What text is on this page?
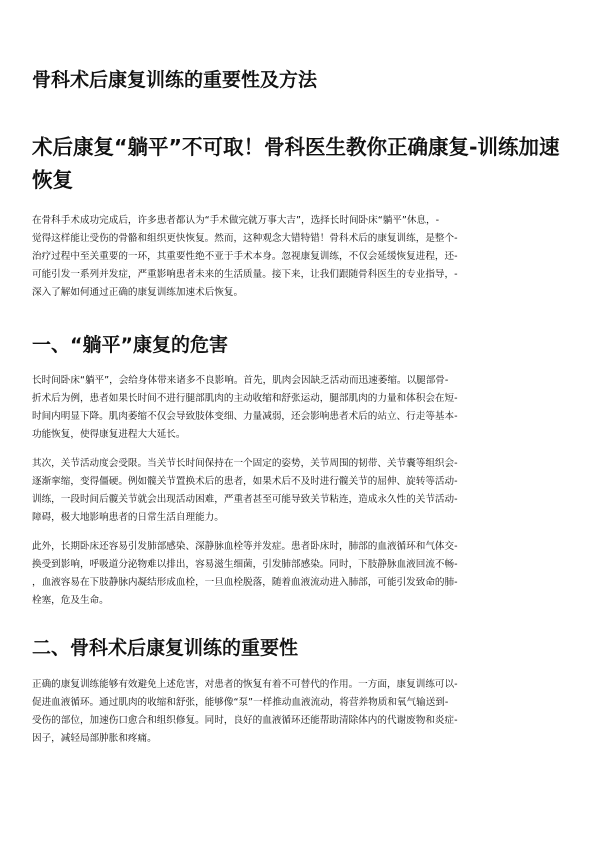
骨科术后康复训练的重要性及方法
术后康复“躺平”不可取！骨科医生教你正确康复-训练加速恢复

在骨科手术成功完成后，许多患者都认为“手术做完就万事大吉”，选择长时间卧床“躺平”休息，-
觉得这样能让受伤的骨骼和组织更快恢复。然而，这种观念大错特错！骨科术后的康复训练，是整个-
治疗过程中至关重要的一环，其重要性绝不亚于手术本身。忽视康复训练，不仅会延缓恢复进程，还-
可能引发一系列并发症，严重影响患者未来的生活质量。接下来，让我们跟随骨科医生的专业指导，-
深入了解如何通过正确的康复训练加速术后恢复。

一、“躺平”康复的危害

长时间卧床“躺平”，会给身体带来诸多不良影响。首先，肌肉会因缺乏活动而迅速萎缩。以腿部骨-
折术后为例，患者如果长时间不进行腿部肌肉的主动收缩和舒张运动，腿部肌肉的力量和体积会在短-
时间内明显下降。肌肉萎缩不仅会导致肢体变细、力量减弱，还会影响患者术后的站立、行走等基本-
功能恢复，使得康复进程大大延长。

其次，关节活动度会受限。当关节长时间保持在一个固定的姿势，关节周围的韧带、关节囊等组织会-
逐渐挛缩，变得僵硬。例如髋关节置换术后的患者，如果术后不及时进行髋关节的屈伸、旋转等活动-
训练，一段时间后髋关节就会出现活动困难，严重者甚至可能导致关节粘连，造成永久性的关节活动-
障碍，极大地影响患者的日常生活自理能力。

此外，长期卧床还容易引发肺部感染、深静脉血栓等并发症。患者卧床时，肺部的血液循环和气体交-
换受到影响，呼吸道分泌物难以排出，容易滋生细菌，引发肺部感染。同时，下肢静脉血液回流不畅-
，血液容易在下肢静脉内凝结形成血栓，一旦血栓脱落，随着血液流动进入肺部，可能引发致命的肺-
栓塞，危及生命。

二、骨科术后康复训练的重要性

正确的康复训练能够有效避免上述危害，对患者的恢复有着不可替代的作用。一方面，康复训练可以-
促进血液循环。通过肌肉的收缩和舒张，能够像“泵”一样推动血液流动，将营养物质和氧气输送到-
受伤的部位，加速伤口愈合和组织修复。同时，良好的血液循环还能帮助清除体内的代谢废物和炎症-
因子，减轻局部肿胀和疼痛。
